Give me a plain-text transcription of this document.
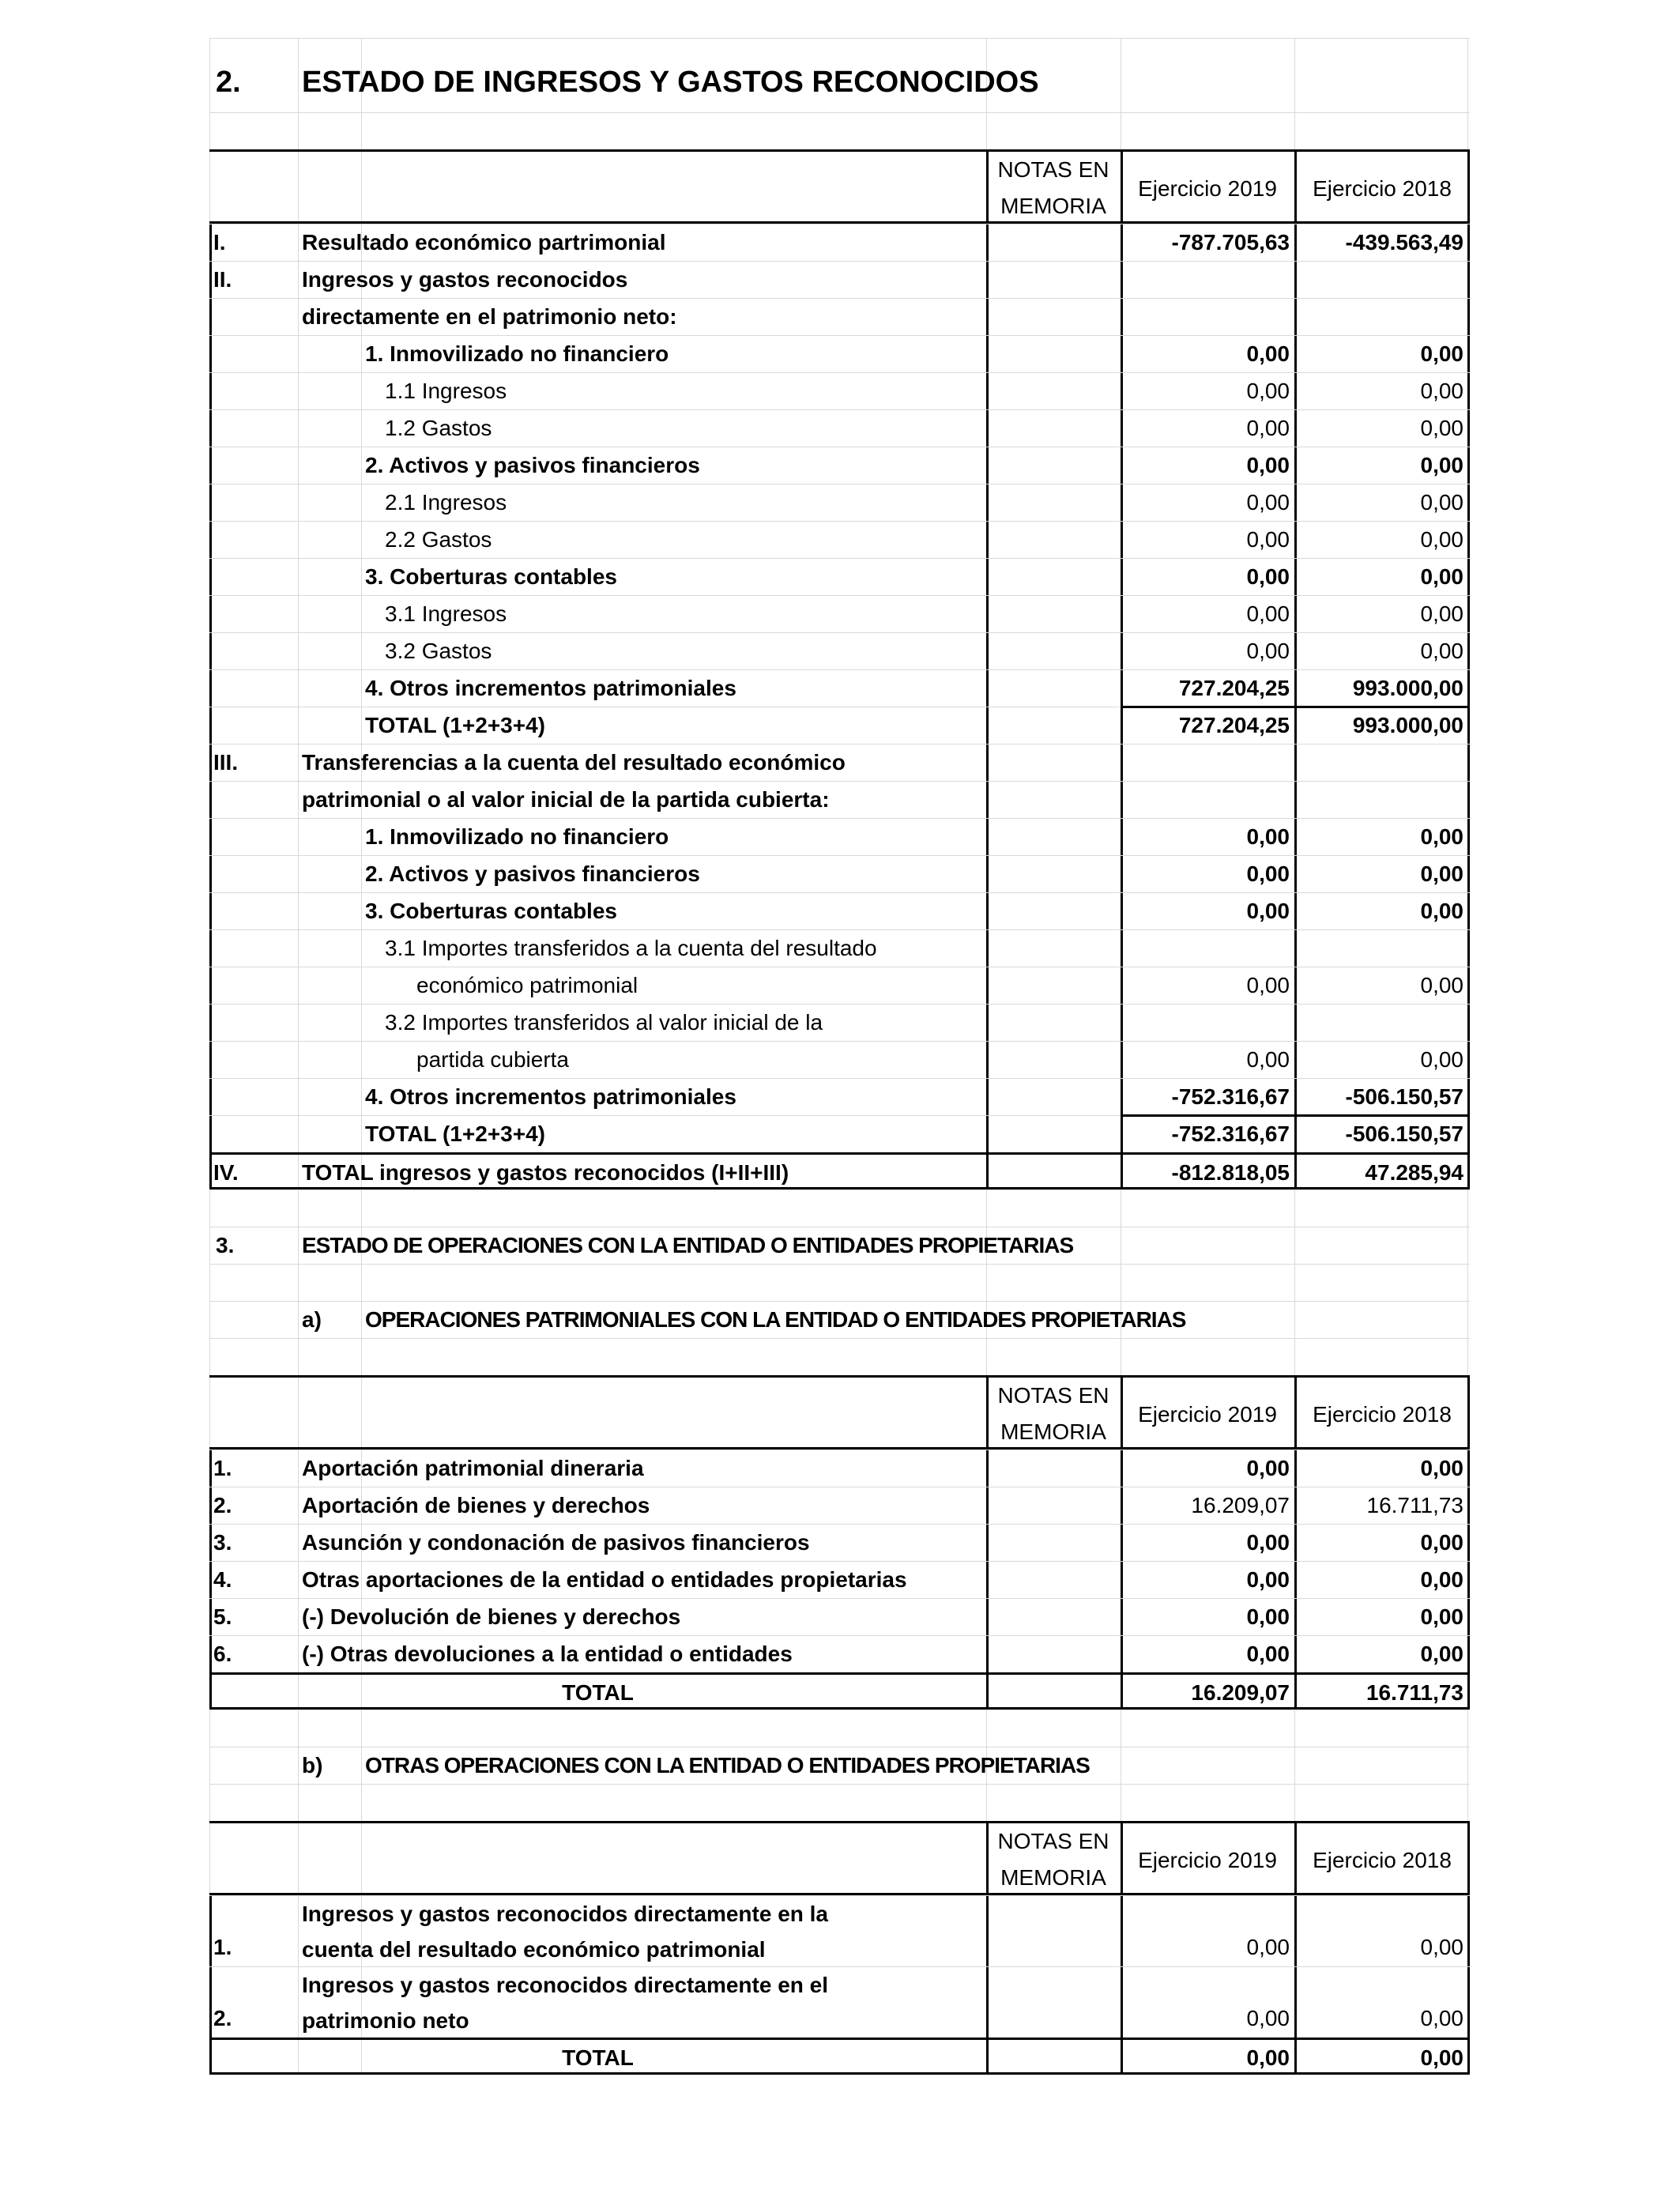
2.	ESTADO DE INGRESOS Y GASTOS RECONOCIDOS
NOTAS EN
MEMORIA
Ejercicio 2019	Ejercicio 2018
I.	Resultado económico partrimonial	-787.705,63	-439.563,49
II.	Ingresos y gastos reconocidos
directamente en el patrimonio neto:
1. Inmovilizado no financiero	0,00	0,00
1.1 Ingresos	0,00	0,00
1.2 Gastos	0,00	0,00
2. Activos y pasivos financieros	0,00	0,00
2.1 Ingresos	0,00	0,00
2.2 Gastos	0,00	0,00
3. Coberturas contables	0,00	0,00
3.1 Ingresos	0,00	0,00
3.2 Gastos	0,00	0,00
4. Otros incrementos patrimoniales	727.204,25	993.000,00
TOTAL (1+2+3+4)	727.204,25	993.000,00
III.	Transferencias a la cuenta del resultado económico
patrimonial o al valor inicial de la partida cubierta:
1. Inmovilizado no financiero	0,00	0,00
2. Activos y pasivos financieros	0,00	0,00
3. Coberturas contables	0,00	0,00
3.1 Importes transferidos a la cuenta del resultado
económico patrimonial	0,00	0,00
3.2 Importes transferidos al valor inicial de la
partida cubierta	0,00	0,00
4. Otros incrementos patrimoniales	-752.316,67	-506.150,57
TOTAL (1+2+3+4)	-752.316,67	-506.150,57
IV.	TOTAL ingresos y gastos reconocidos (I+II+III)	-812.818,05	47.285,94
3.	ESTADO DE OPERACIONES CON LA ENTIDAD O ENTIDADES PROPIETARIAS
a)	OPERACIONES PATRIMONIALES CON LA ENTIDAD O ENTIDADES PROPIETARIAS
NOTAS EN
MEMORIA
Ejercicio 2019	Ejercicio 2018
1.	Aportación patrimonial dineraria	0,00	0,00
2.	Aportación de bienes y derechos	16.209,07	16.711,73
3.	Asunción y condonación de pasivos financieros	0,00	0,00
4.	Otras aportaciones de la entidad o entidades propietarias	0,00	0,00
5.	(-) Devolución de bienes y derechos	0,00	0,00
6.	(-) Otras devoluciones a la entidad o entidades	0,00	0,00
TOTAL	16.209,07	16.711,73
b)	OTRAS OPERACIONES CON LA ENTIDAD O ENTIDADES PROPIETARIAS
NOTAS EN
MEMORIA
Ejercicio 2019	Ejercicio 2018
1.
Ingresos y gastos reconocidos directamente en la
cuenta del resultado económico patrimonial	0,00	0,00
2.
Ingresos y gastos reconocidos directamente en el
patrimonio neto	0,00	0,00
TOTAL	0,00	0,00
